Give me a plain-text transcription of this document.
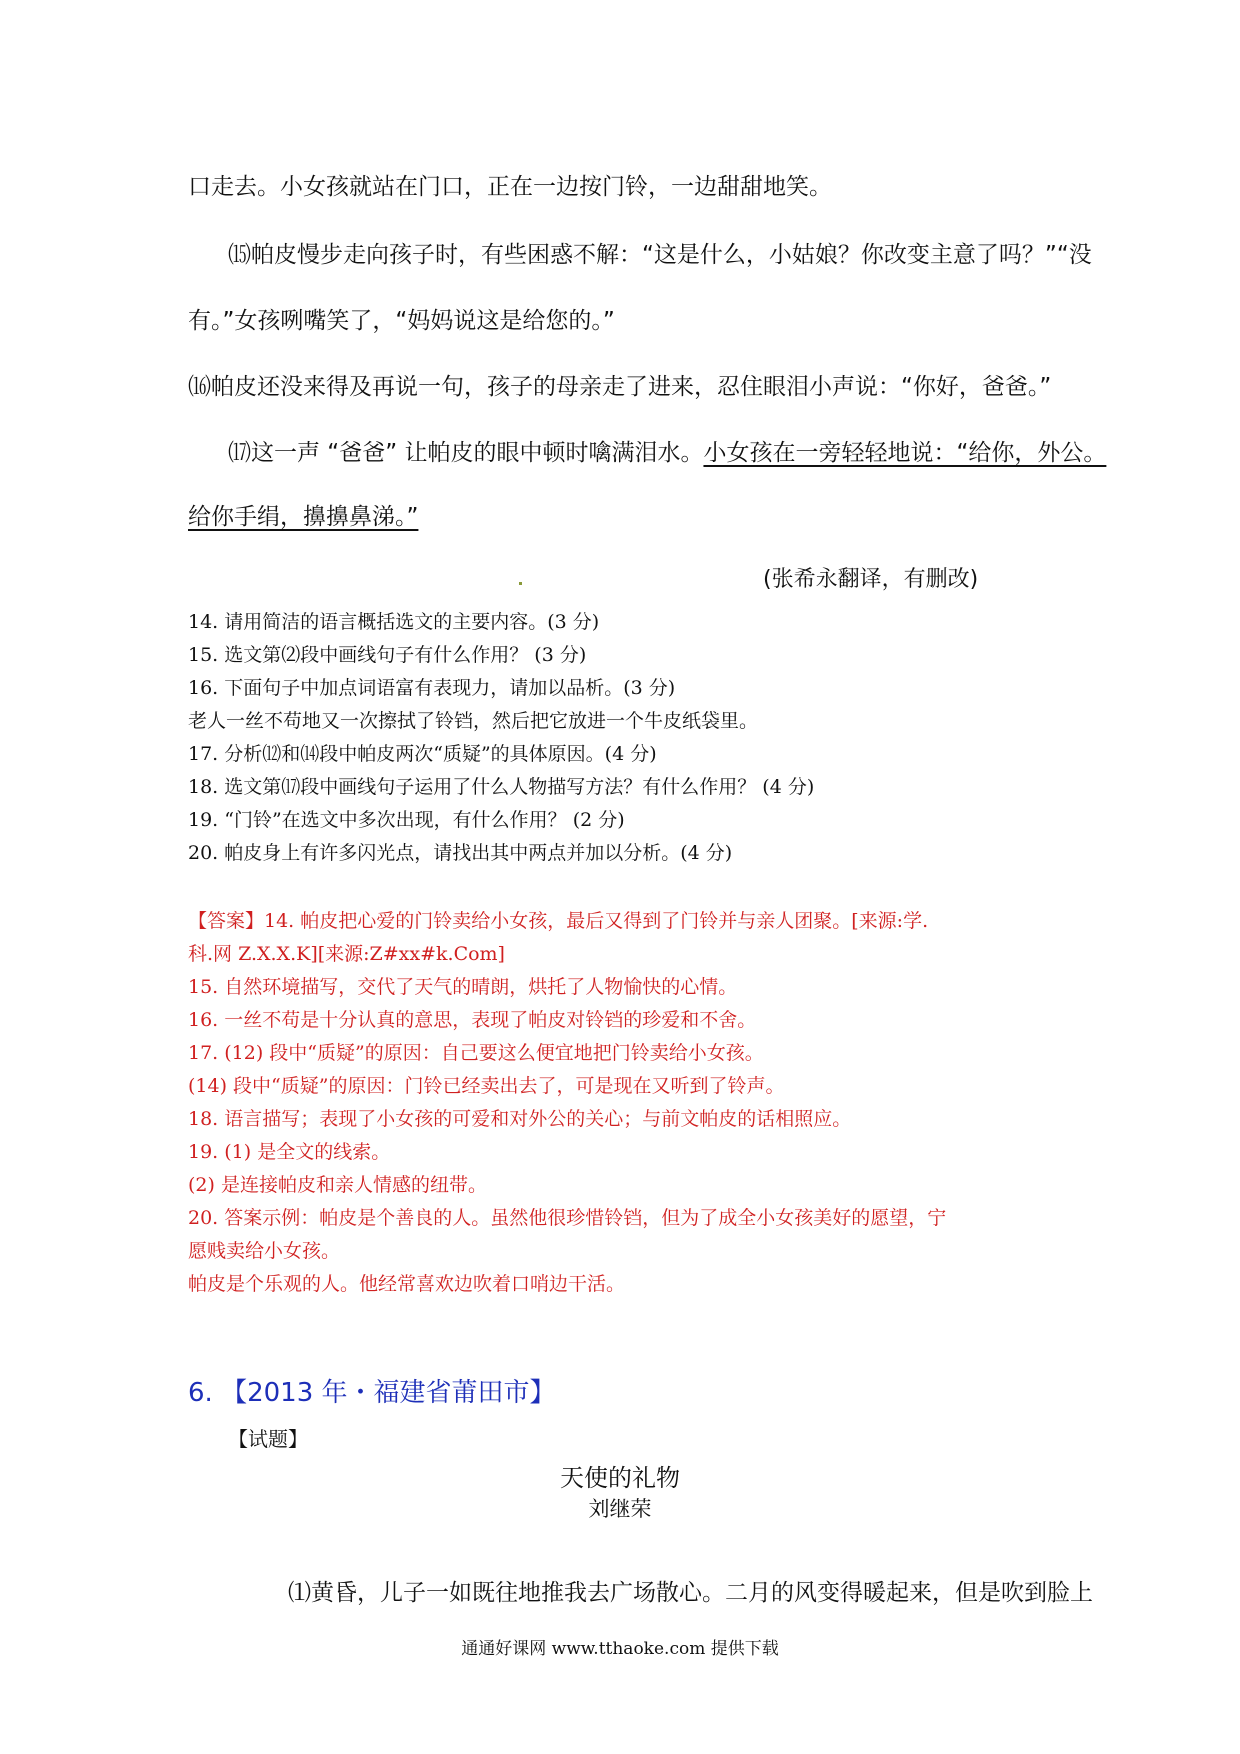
口走去。小女孩就站在门口，正在一边按门铃，一边甜甜地笑。
⒂帕皮慢步走向孩子时，有些困惑不解：“这是什么，小姑娘？你改变主意了吗？”“没
有。”女孩咧嘴笑了，“妈妈说这是给您的。”
⒃帕皮还没来得及再说一句，孩子的母亲走了进来，忍住眼泪小声说：“你好，爸爸。”
⒄这一声 “爸爸” 让帕皮的眼中顿时噙满泪水。小女孩在一旁轻轻地说：“给你，外公。
给你手绢，擤擤鼻涕。”
(张希永翻译，有删改)
14. 请用简洁的语言概括选文的主要内容。(3 分)
15. 选文第⑵段中画线句子有什么作用？ (3 分)
16. 下面句子中加点词语富有表现力，请加以品析。(3 分)
老人一丝不苟地又一次擦拭了铃铛，然后把它放进一个牛皮纸袋里。
17. 分析⑿和⒁段中帕皮两次“质疑”的具体原因。(4 分)
18. 选文第⒄段中画线句子运用了什么人物描写方法？有什么作用？ (4 分)
19. “门铃”在选文中多次出现，有什么作用？ (2 分)
20. 帕皮身上有许多闪光点，请找出其中两点并加以分析。(4 分)
【答案】14. 帕皮把心爱的门铃卖给小女孩，最后又得到了门铃并与亲人团聚。[来源:学.
科.网 Z.X.X.K][来源:Z#xx#k.Com]
15. 自然环境描写，交代了天气的晴朗，烘托了人物愉快的心情。
16. 一丝不苟是十分认真的意思，表现了帕皮对铃铛的珍爱和不舍。
17. (12) 段中“质疑”的原因：自己要这么便宜地把门铃卖给小女孩。
(14) 段中“质疑”的原因：门铃已经卖出去了，可是现在又听到了铃声。
18. 语言描写；表现了小女孩的可爱和对外公的关心；与前文帕皮的话相照应。
19. (1) 是全文的线索。
(2) 是连接帕皮和亲人情感的纽带。
20. 答案示例：帕皮是个善良的人。虽然他很珍惜铃铛，但为了成全小女孩美好的愿望，宁
愿贱卖给小女孩。
帕皮是个乐观的人。他经常喜欢边吹着口哨边干活。
6. 【2013 年・福建省莆田市】
【试题】
天使的礼物
刘继荣
⑴黄昏，儿子一如既往地推我去广场散心。二月的风变得暖起来，但是吹到脸上
通通好课网 www.tthaoke.com 提供下载
